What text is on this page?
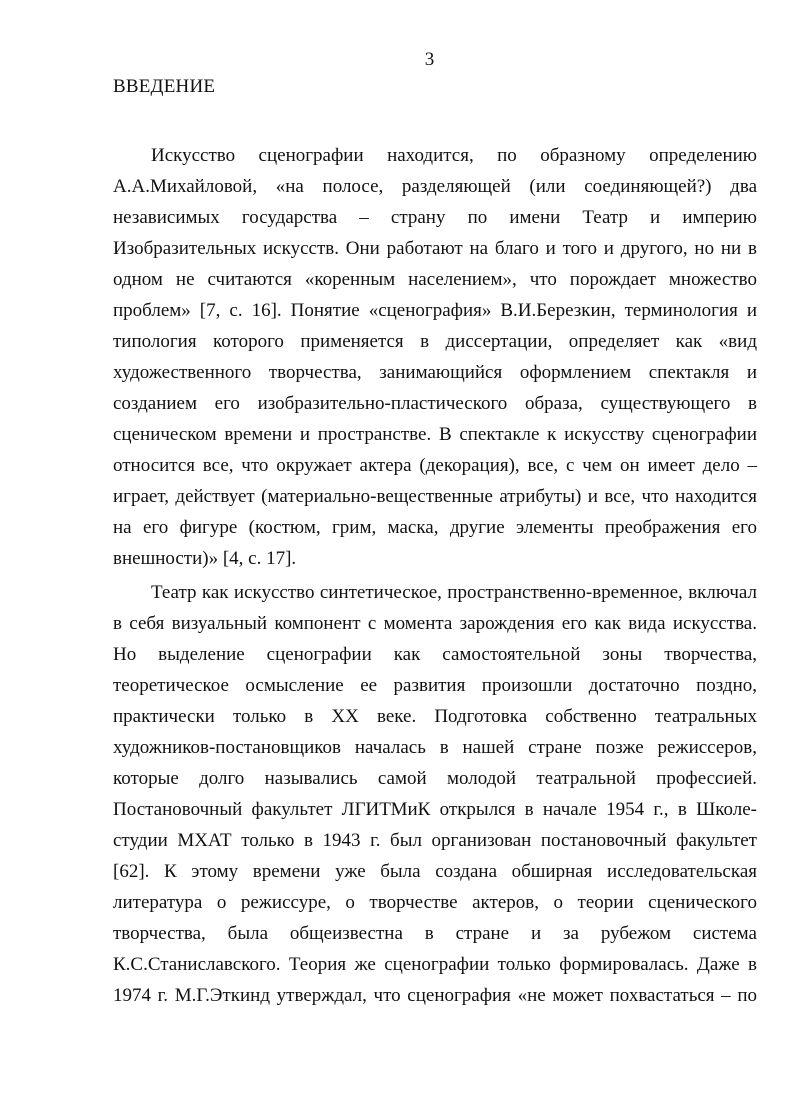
3
ВВЕДЕНИЕ
Искусство сценографии находится, по образному определению
А.А.Михайловой, «на полосе, разделяющей (или соединяющей?) два
независимых государства – страну по имени Театр и империю
Изобразительных искусств. Они работают на благо и того и другого, но ни в
одном не считаются «коренным населением», что порождает множество
проблем» [7, с. 16]. Понятие «сценография» В.И.Березкин, терминология и
типология которого применяется в диссертации, определяет как «вид
художественного творчества, занимающийся оформлением спектакля и
созданием его изобразительно-пластического образа, существующего в
сценическом времени и пространстве. В спектакле к искусству сценографии
относится все, что окружает актера (декорация), все, с чем он имеет дело –
играет, действует (материально-вещественные атрибуты) и все, что находится
на его фигуре (костюм, грим, маска, другие элементы преображения его
внешности)» [4, с. 17].
Театр как искусство синтетическое, пространственно-временное, включал
в себя визуальный компонент с момента зарождения его как вида искусства.
Но выделение сценографии как самостоятельной зоны творчества,
теоретическое осмысление ее развития произошли достаточно поздно,
практически только в XX веке. Подготовка собственно театральных
художников-постановщиков началась в нашей стране позже режиссеров,
которые долго назывались самой молодой театральной профессией.
Постановочный факультет ЛГИТМиК открылся в начале 1954 г., в Школе-
студии МХАТ только в 1943 г. был организован постановочный факультет
[62]. К этому времени уже была создана обширная исследовательская
литература о режиссуре, о творчестве актеров, о теории сценического
творчества, была общеизвестна в стране и за рубежом система
К.С.Станиславского. Теория же сценографии только формировалась. Даже в
1974 г. М.Г.Эткинд утверждал, что сценография «не может похвастаться – по
